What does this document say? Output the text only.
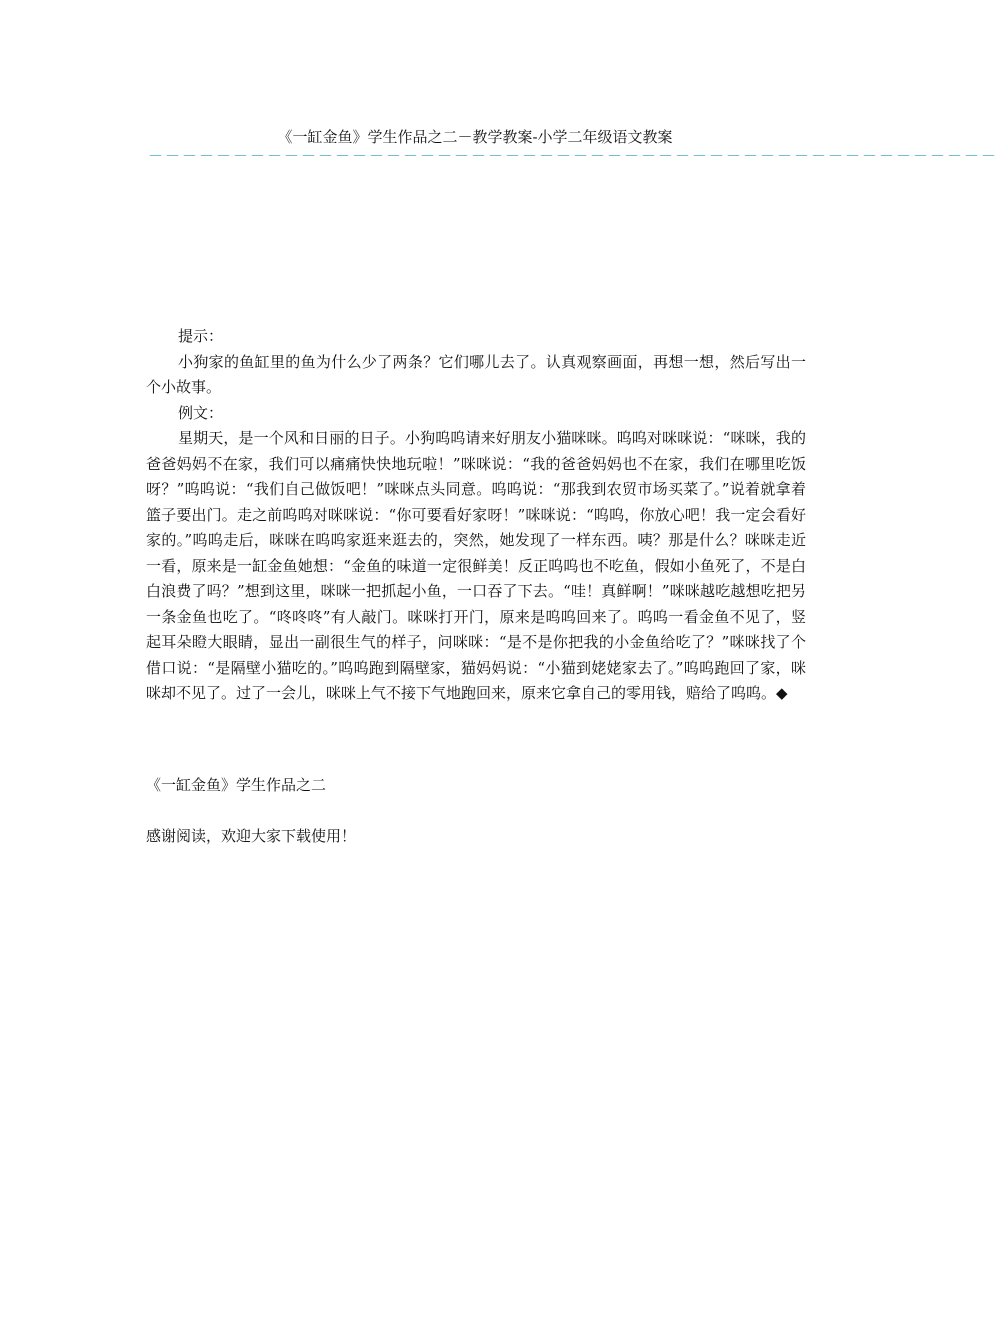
《一缸金鱼》学生作品之二－教学教案-小学二年级语文教案
－－－－－－－－－－－－－－－－－－－－－－－－－－－－－－－－－－－－－－－－－－－－－－－－－－

提示：

小狗家的鱼缸里的鱼为什么少了两条？它们哪儿去了。认真观察画面，再想一想，然后写出一个小故事。

例文：

星期天，是一个风和日丽的日子。小狗呜呜请来好朋友小猫咪咪。呜呜对咪咪说：“咪咪，我的爸爸妈妈不在家，我们可以痛痛快快地玩啦！”咪咪说：“我的爸爸妈妈也不在家，我们在哪里吃饭呀？”呜呜说：“我们自己做饭吧！”咪咪点头同意。呜呜说：“那我到农贸市场买菜了。”说着就拿着篮子要出门。走之前呜呜对咪咪说：“你可要看好家呀！”咪咪说：“呜呜，你放心吧！我一定会看好家的。”呜呜走后，咪咪在呜呜家逛来逛去的，突然，她发现了一样东西。咦？那是什么？咪咪走近一看，原来是一缸金鱼她想：“金鱼的味道一定很鲜美！反正呜呜也不吃鱼，假如小鱼死了，不是白白浪费了吗？”想到这里，咪咪一把抓起小鱼，一口吞了下去。“哇！真鲜啊！”咪咪越吃越想吃把另一条金鱼也吃了。“咚咚咚”有人敲门。咪咪打开门，原来是呜呜回来了。呜呜一看金鱼不见了，竖起耳朵瞪大眼睛，显出一副很生气的样子，问咪咪：“是不是你把我的小金鱼给吃了？”咪咪找了个借口说：“是隔壁小猫吃的。”呜呜跑到隔壁家，猫妈妈说：“小猫到姥姥家去了。”呜呜跑回了家，咪咪却不见了。过了一会儿，咪咪上气不接下气地跑回来，原来它拿自己的零用钱，赔给了呜呜。◆

《一缸金鱼》学生作品之二
感谢阅读，欢迎大家下载使用！
